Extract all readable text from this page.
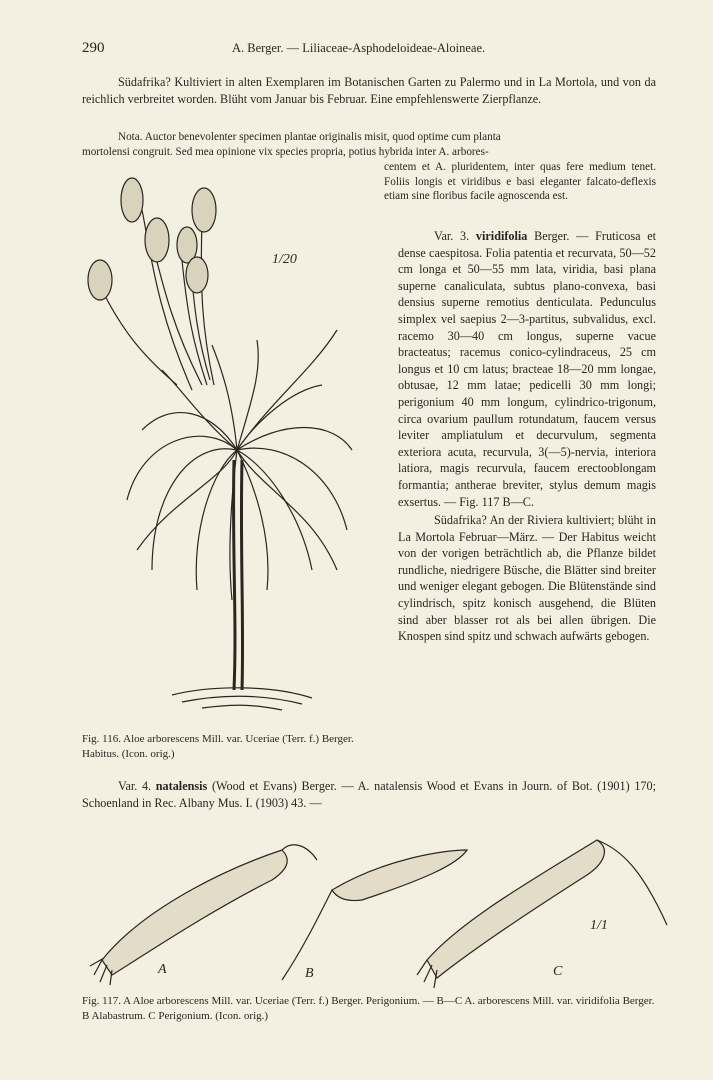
290	A. Berger. — Liliaceae-Asphodeloideae-Aloineae.

Südafrika? Kultiviert in alten Exemplaren im Botanischen Garten zu Palermo und in La Mortola, und von da reichlich verbreitet worden. Blüht vom Januar bis Februar. Eine empfehlenswerte Zierpflanze.

Nota. Auctor benevolenter specimen plantae originalis misit, quod optime cum planta

mortolensi congruit. Sed mea opinione vix species propria, potius hybrida inter A. arbores-

centem et A. pluridentem, inter quas fere medium tenet. Foliis longis et viridibus e basi eleganter falcato-deflexis etiam sine floribus facile agnoscenda est.

Var. 3. viridifolia Berger. — Fruticosa et dense caespitosa. Folia patentia et recurvata, 50—52 cm longa et 50—55 mm lata, viridia, basi plana superne canaliculata, subtus plano-convexa, basi densius superne remotius denticulata. Pedunculus simplex vel saepius 2—3-partitus, subvalidus, excl. racemo 30—40 cm longus, superne vacue bracteatus; racemus conico-cylindraceus, 25 cm longus et 10 cm latus; bracteae 18—20 mm longae, obtusae, 12 mm latae; pedicelli 30 mm longi; perigonium 40 mm longum, cylindrico-trigonum, circa ovarium paullum rotundatum, faucem versus leviter ampliatulum et decurvulum, segmenta exteriora acuta, recurvula, 3(—5)-nervia, interiora latiora, magis recurvula, faucem erectooblongam formantia; antherae breviter, stylus demum magis exsertus. — Fig. 117 B—C.

Südafrika? An der Riviera kultiviert; blüht in La Mortola Februar—März. — Der Habitus weicht von der vorigen beträchtlich ab, die Pflanze bildet rundliche, niedrigere Büsche, die Blätter sind breiter und weniger elegant gebogen. Die Blütenstände sind cylindrisch, spitz konisch ausgehend, die Blüten sind aber blasser rot als bei allen übrigen. Die Knospen sind spitz und schwach aufwärts gebogen.

1/20
Fig. 116. Aloe arborescens Mill. var. Uceriae (Terr. f.) Berger. Habitus. (Icon. orig.)

Var. 4. natalensis (Wood et Evans) Berger. — A. natalensis Wood et Evans in Journ. of Bot. (1901) 170; Schoenland in Rec. Albany Mus. I. (1903) 43. —

A	B	C
1/1
Fig. 117. A Aloe arborescens Mill. var. Uceriae (Terr. f.) Berger. Perigonium. — B—C A. arborescens Mill. var. viridifolia Berger. B Alabastrum. C Perigonium. (Icon. orig.)
